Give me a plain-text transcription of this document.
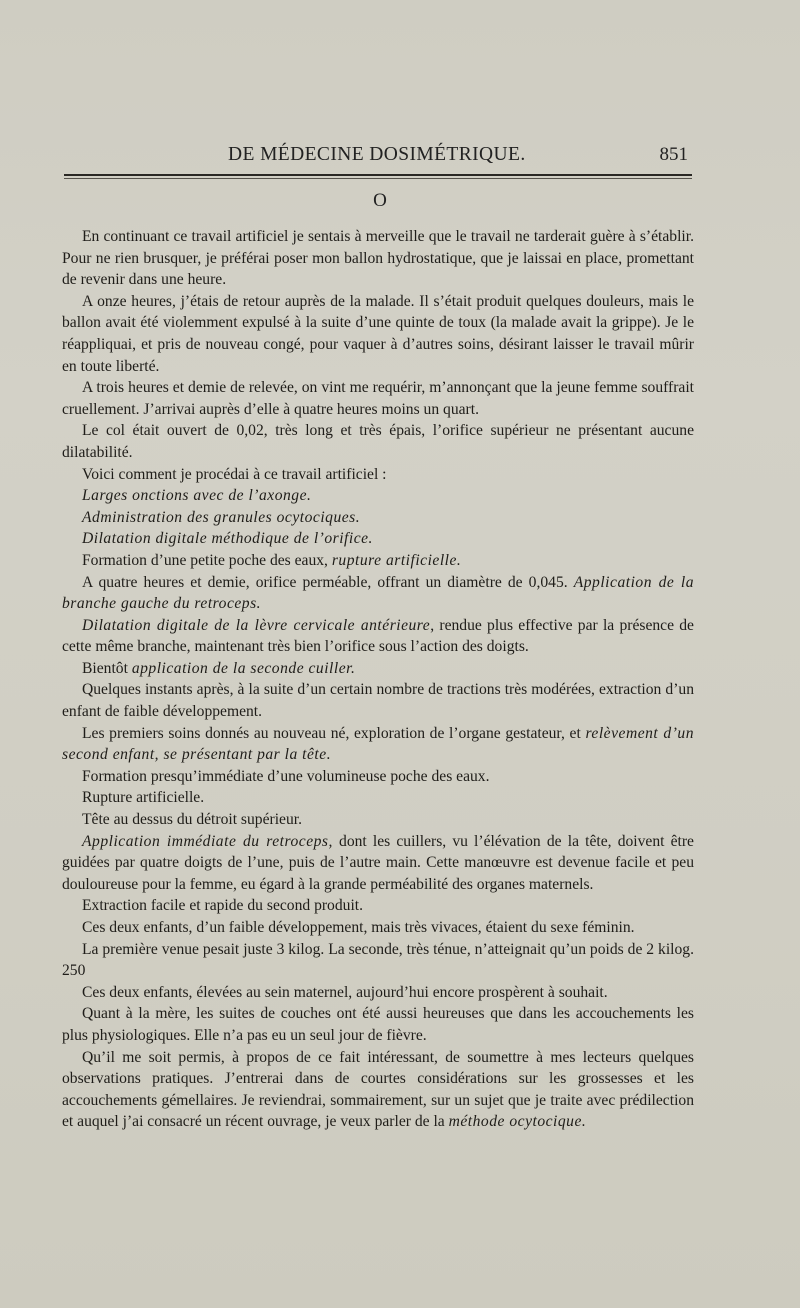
DE MÉDECINE DOSIMÉTRIQUE.	851
O

En continuant ce travail artificiel je sentais à merveille que le travail ne tarderait guère à s’établir. Pour ne rien brusquer, je préférai poser mon ballon hydrostatique, que je laissai en place, promettant de revenir dans une heure.

A onze heures, j’étais de retour auprès de la malade. Il s’était produit quelques douleurs, mais le ballon avait été violemment expulsé à la suite d’une quinte de toux (la malade avait la grippe). Je le réappliquai, et pris de nouveau congé, pour vaquer à d’autres soins, désirant laisser le travail mûrir en toute liberté.

A trois heures et demie de relevée, on vint me requérir, m’annonçant que la jeune femme souffrait cruellement. J’arrivai auprès d’elle à quatre heures moins un quart.

Le col était ouvert de 0,02, très long et très épais, l’orifice supérieur ne présentant aucune dilatabilité.

Voici comment je procédai à ce travail artificiel :

Larges onctions avec de l’axonge.

Administration des granules ocytociques.

Dilatation digitale méthodique de l’orifice.

Formation d’une petite poche des eaux, rupture artificielle.

A quatre heures et demie, orifice perméable, offrant un diamètre de 0,045. Application de la branche gauche du retroceps.

Dilatation digitale de la lèvre cervicale antérieure, rendue plus effective par la présence de cette même branche, maintenant très bien l’orifice sous l’action des doigts.

Bientôt application de la seconde cuiller.

Quelques instants après, à la suite d’un certain nombre de tractions très modérées, extraction d’un enfant de faible développement.

Les premiers soins donnés au nouveau né, exploration de l’organe gestateur, et relèvement d’un second enfant, se présentant par la tête.

Formation presqu’immédiate d’une volumineuse poche des eaux.

Rupture artificielle.

Tête au dessus du détroit supérieur.

Application immédiate du retroceps, dont les cuillers, vu l’élévation de la tête, doivent être guidées par quatre doigts de l’une, puis de l’autre main. Cette manœuvre est devenue facile et peu douloureuse pour la femme, eu égard à la grande perméabilité des organes maternels.

Extraction facile et rapide du second produit.

Ces deux enfants, d’un faible développement, mais très vivaces, étaient du sexe féminin.

La première venue pesait juste 3 kilog. La seconde, très ténue, n’atteignait qu’un poids de 2 kilog. 250

Ces deux enfants, élevées au sein maternel, aujourd’hui encore prospèrent à souhait.

Quant à la mère, les suites de couches ont été aussi heureuses que dans les accouchements les plus physiologiques. Elle n’a pas eu un seul jour de fièvre.

Qu’il me soit permis, à propos de ce fait intéressant, de soumettre à mes lecteurs quelques observations pratiques. J’entrerai dans de courtes considérations sur les grossesses et les accouchements gémellaires. Je reviendrai, sommairement, sur un sujet que je traite avec prédilection et auquel j’ai consacré un récent ouvrage, je veux parler de la méthode ocytocique.
